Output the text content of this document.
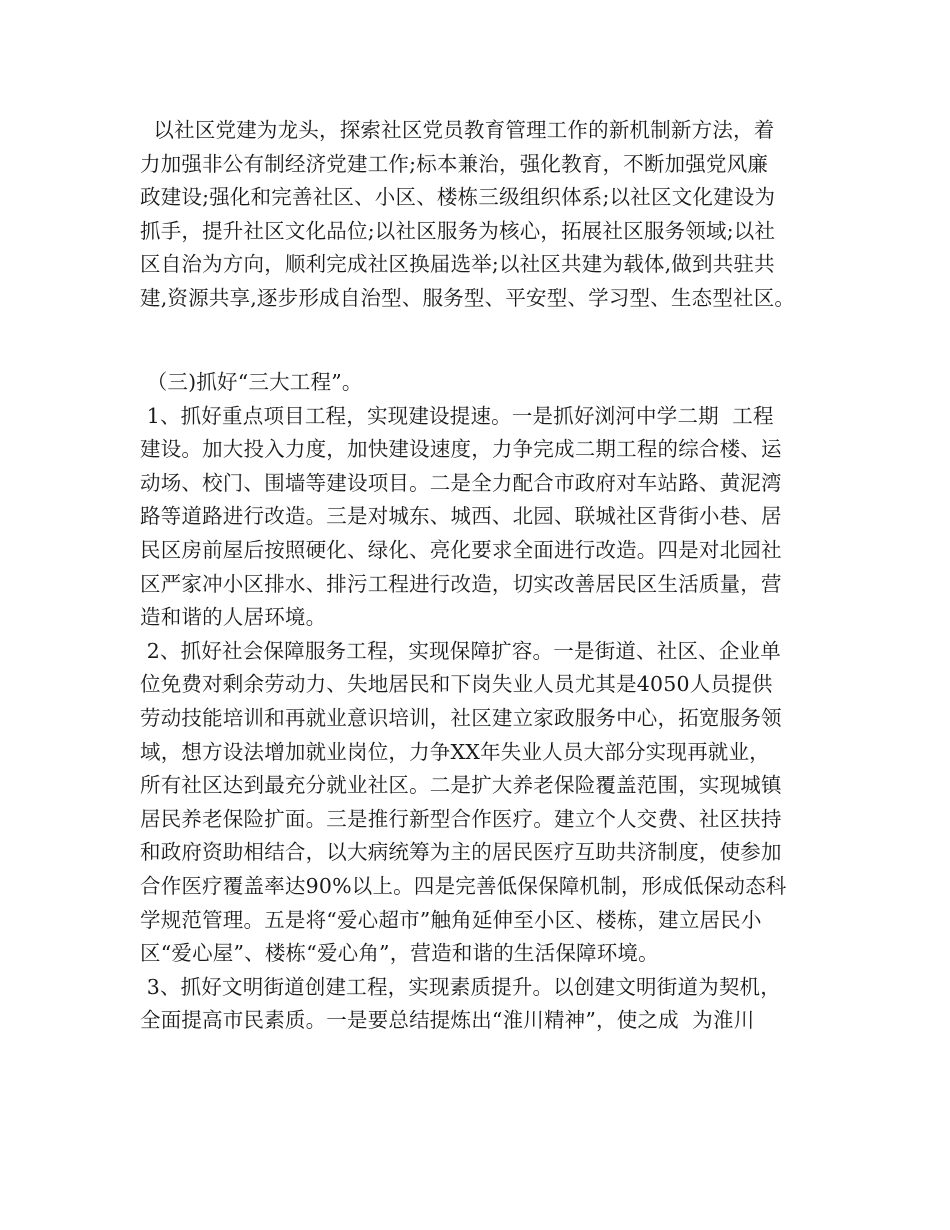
以社区党建为龙头，探索社区党员教育管理工作的新机制新方法，着
力加强非公有制经济党建工作;标本兼治，强化教育，不断加强党风廉
政建设;强化和完善社区、小区、楼栋三级组织体系;以社区文化建设为
抓手，提升社区文化品位;以社区服务为核心，拓展社区服务领域;以社
区自治为方向，顺利完成社区换届选举;以社区共建为载体,做到共驻共
建,资源共享,逐步形成自治型、服务型、平安型、学习型、生态型社区。
（三)抓好“三大工程”。
1、抓好重点项目工程，实现建设提速。一是抓好浏河中学二期  工程
建设。加大投入力度，加快建设速度，力争完成二期工程的综合楼、运
动场、校门、围墙等建设项目。二是全力配合市政府对车站路、黄泥湾
路等道路进行改造。三是对城东、城西、北园、联城社区背街小巷、居
民区房前屋后按照硬化、绿化、亮化要求全面进行改造。四是对北园社
区严家冲小区排水、排污工程进行改造，切实改善居民区生活质量，营
造和谐的人居环境。
2、抓好社会保障服务工程，实现保障扩容。一是街道、社区、企业单
位免费对剩余劳动力、失地居民和下岗失业人员尤其是4050人员提供
劳动技能培训和再就业意识培训，社区建立家政服务中心，拓宽服务领
域，想方设法增加就业岗位，力争XX年失业人员大部分实现再就业，
所有社区达到最充分就业社区。二是扩大养老保险覆盖范围，实现城镇
居民养老保险扩面。三是推行新型合作医疗。建立个人交费、社区扶持
和政府资助相结合，以大病统筹为主的居民医疗互助共济制度，使参加
合作医疗覆盖率达90%以上。四是完善低保保障机制，形成低保动态科
学规范管理。五是将“爱心超市”触角延伸至小区、楼栋，建立居民小
区“爱心屋”、楼栋“爱心角”，营造和谐的生活保障环境。
3、抓好文明街道创建工程，实现素质提升。以创建文明街道为契机，
全面提高市民素质。一是要总结提炼出“淮川精神”，使之成  为淮川
